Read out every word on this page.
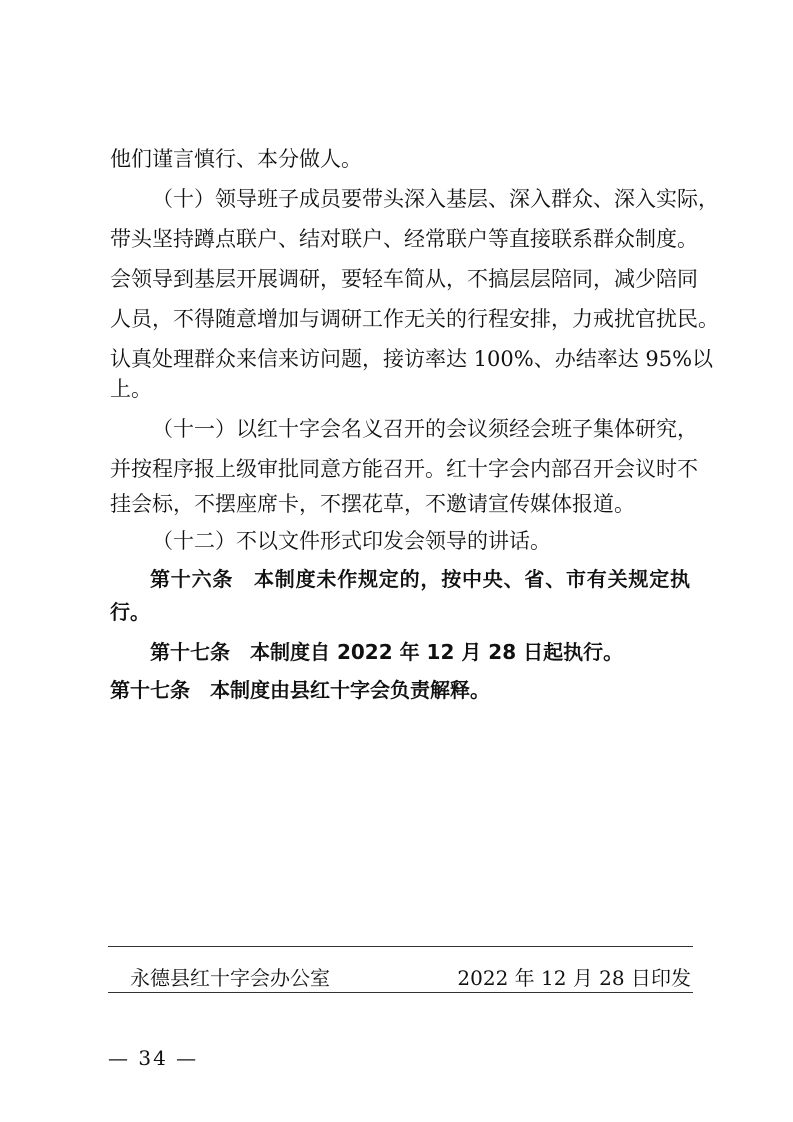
他们谨言慎行、本分做人。
（十）领导班子成员要带头深入基层、深入群众、深入实际，
带头坚持蹲点联户、结对联户、经常联户等直接联系群众制度。
会领导到基层开展调研，要轻车简从，不搞层层陪同，减少陪同
人员，不得随意增加与调研工作无关的行程安排，力戒扰官扰民。
认真处理群众来信来访问题，接访率达 100%、办结率达 95%以
上。
（十一）以红十字会名义召开的会议须经会班子集体研究，
并按程序报上级审批同意方能召开。红十字会内部召开会议时不
挂会标，不摆座席卡，不摆花草，不邀请宣传媒体报道。
（十二）不以文件形式印发会领导的讲话。
第十六条　本制度未作规定的，按中央、省、市有关规定执
行。
第十七条　本制度自 2022 年 12 月 28 日起执行。
第十七条　本制度由县红十字会负责解释。
永德县红十字会办公室	2022 年 12 月 28 日印发
— 34 —
